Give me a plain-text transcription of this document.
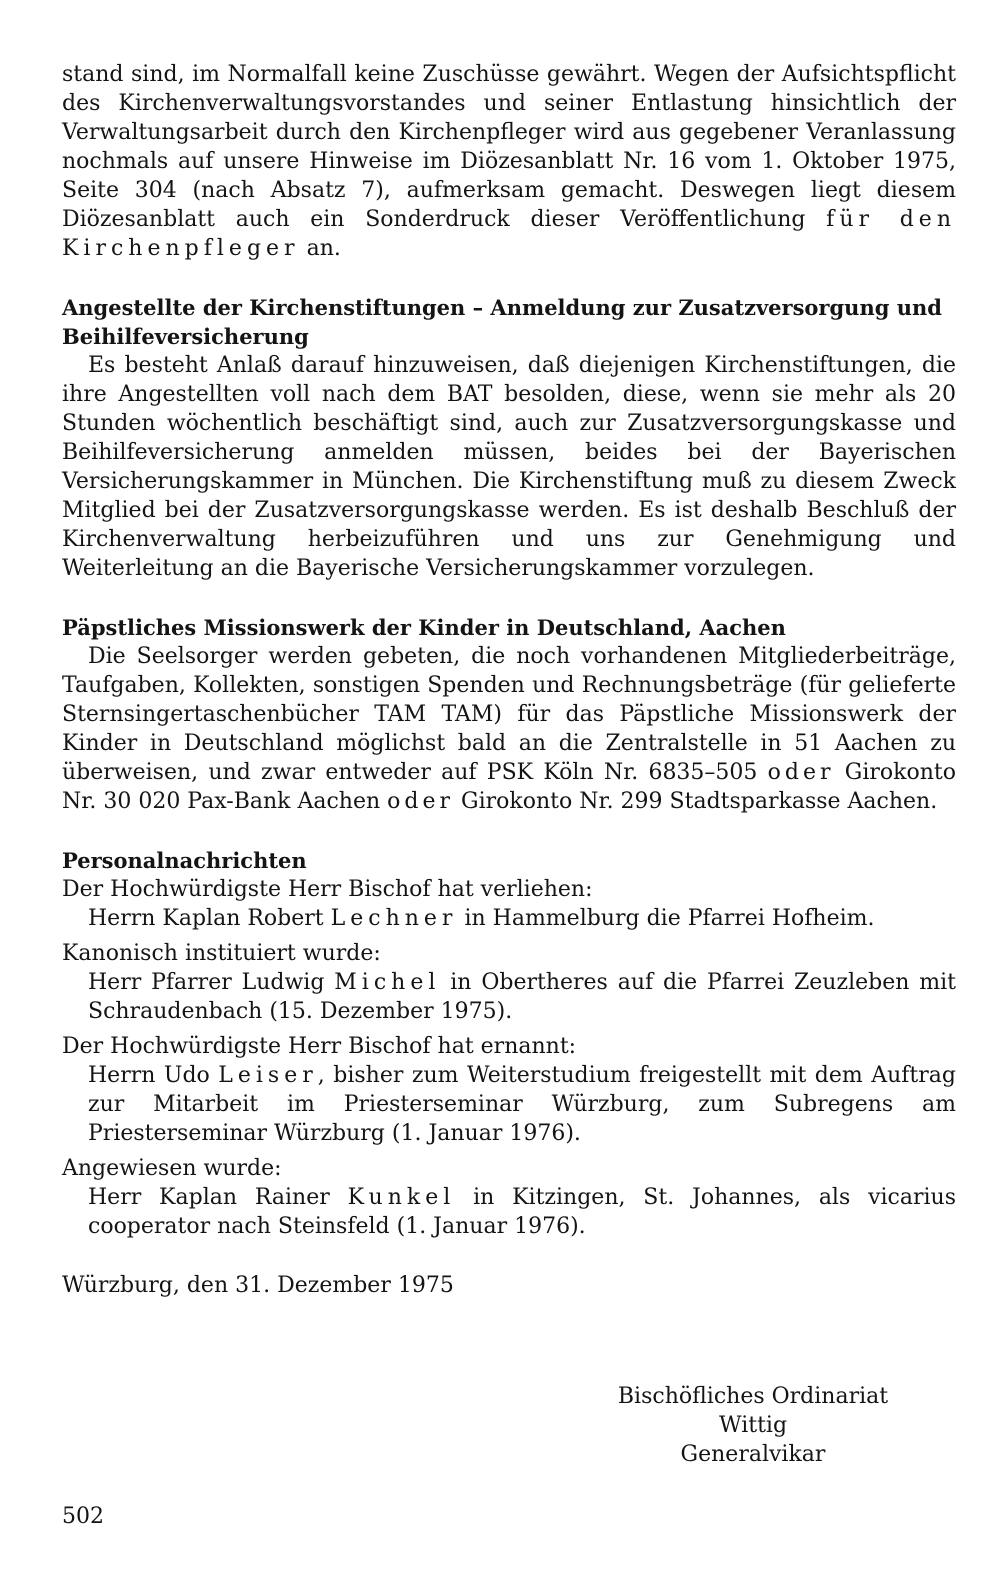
stand sind, im Normalfall keine Zuschüsse gewährt. Wegen der Aufsichtspflicht des Kirchenverwaltungsvorstandes und seiner Entlastung hinsichtlich der Verwaltungsarbeit durch den Kirchenpfleger wird aus gegebener Veranlassung nochmals auf unsere Hinweise im Diözesanblatt Nr. 16 vom 1. Oktober 1975, Seite 304 (nach Absatz 7), aufmerksam gemacht. Deswegen liegt diesem Diözesanblatt auch ein Sonderdruck dieser Veröffentlichung für den Kirchenpfleger an.

Angestellte der Kirchenstiftungen – Anmeldung zur Zusatzversorgung und Beihilfeversicherung

Es besteht Anlaß darauf hinzuweisen, daß diejenigen Kirchenstiftungen, die ihre Angestellten voll nach dem BAT besolden, diese, wenn sie mehr als 20 Stunden wöchentlich beschäftigt sind, auch zur Zusatzversorgungskasse und Beihilfeversicherung anmelden müssen, beides bei der Bayerischen Versicherungskammer in München. Die Kirchenstiftung muß zu diesem Zweck Mitglied bei der Zusatzversorgungskasse werden. Es ist deshalb Beschluß der Kirchenverwaltung herbeizuführen und uns zur Genehmigung und Weiterleitung an die Bayerische Versicherungskammer vorzulegen.

Päpstliches Missionswerk der Kinder in Deutschland, Aachen

Die Seelsorger werden gebeten, die noch vorhandenen Mitgliederbeiträge, Taufgaben, Kollekten, sonstigen Spenden und Rechnungsbeträge (für gelieferte Sternsingertaschenbücher TAM TAM) für das Päpstliche Missionswerk der Kinder in Deutschland möglichst bald an die Zentralstelle in 51 Aachen zu überweisen, und zwar entweder auf PSK Köln Nr. 6835–505 oder Girokonto Nr. 30 020 Pax-Bank Aachen oder Girokonto Nr. 299 Stadtsparkasse Aachen.

Personalnachrichten

Der Hochwürdigste Herr Bischof hat verliehen:

Herrn Kaplan Robert Lechner in Hammelburg die Pfarrei Hofheim.

Kanonisch instituiert wurde:

Herr Pfarrer Ludwig Michel in Obertheres auf die Pfarrei Zeuzleben mit Schraudenbach (15. Dezember 1975).

Der Hochwürdigste Herr Bischof hat ernannt:

Herrn Udo Leiser, bisher zum Weiterstudium freigestellt mit dem Auftrag zur Mitarbeit im Priesterseminar Würzburg, zum Subregens am Priesterseminar Würzburg (1. Januar 1976).

Angewiesen wurde:

Herr Kaplan Rainer Kunkel in Kitzingen, St. Johannes, als vicarius cooperator nach Steinsfeld (1. Januar 1976).

Würzburg, den 31. Dezember 1975

Bischöfliches Ordinariat
Wittig
Generalvikar
502
